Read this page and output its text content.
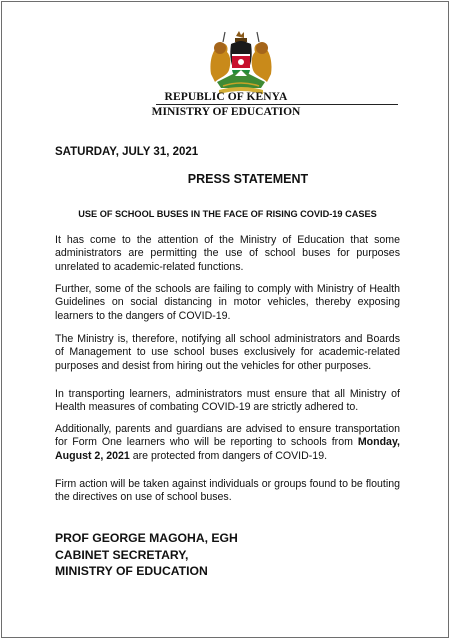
REPUBLIC OF KENYA
MINISTRY OF EDUCATION
SATURDAY, JULY 31, 2021
PRESS STATEMENT
USE OF SCHOOL BUSES IN THE FACE OF RISING COVID-19 CASES

It has come to the attention of the Ministry of Education that some administrators are permitting the use of school buses for purposes unrelated to academic-related functions.

Further, some of the schools are failing to comply with Ministry of Health Guidelines on social distancing in motor vehicles, thereby exposing learners to the dangers of COVID-19.

The Ministry is, therefore, notifying all school administrators and Boards of Management to use school buses exclusively for academic-related purposes and desist from hiring out the vehicles for other purposes.

In transporting learners, administrators must ensure that all Ministry of Health measures of combating COVID-19 are strictly adhered to.

Additionally, parents and guardians are advised to ensure transportation for Form One learners who will be reporting to schools from Monday, August 2, 2021 are protected from dangers of COVID-19.

Firm action will be taken against individuals or groups found to be flouting the directives on use of school buses.

PROF GEORGE MAGOHA, EGH
CABINET SECRETARY,
MINISTRY OF EDUCATION
